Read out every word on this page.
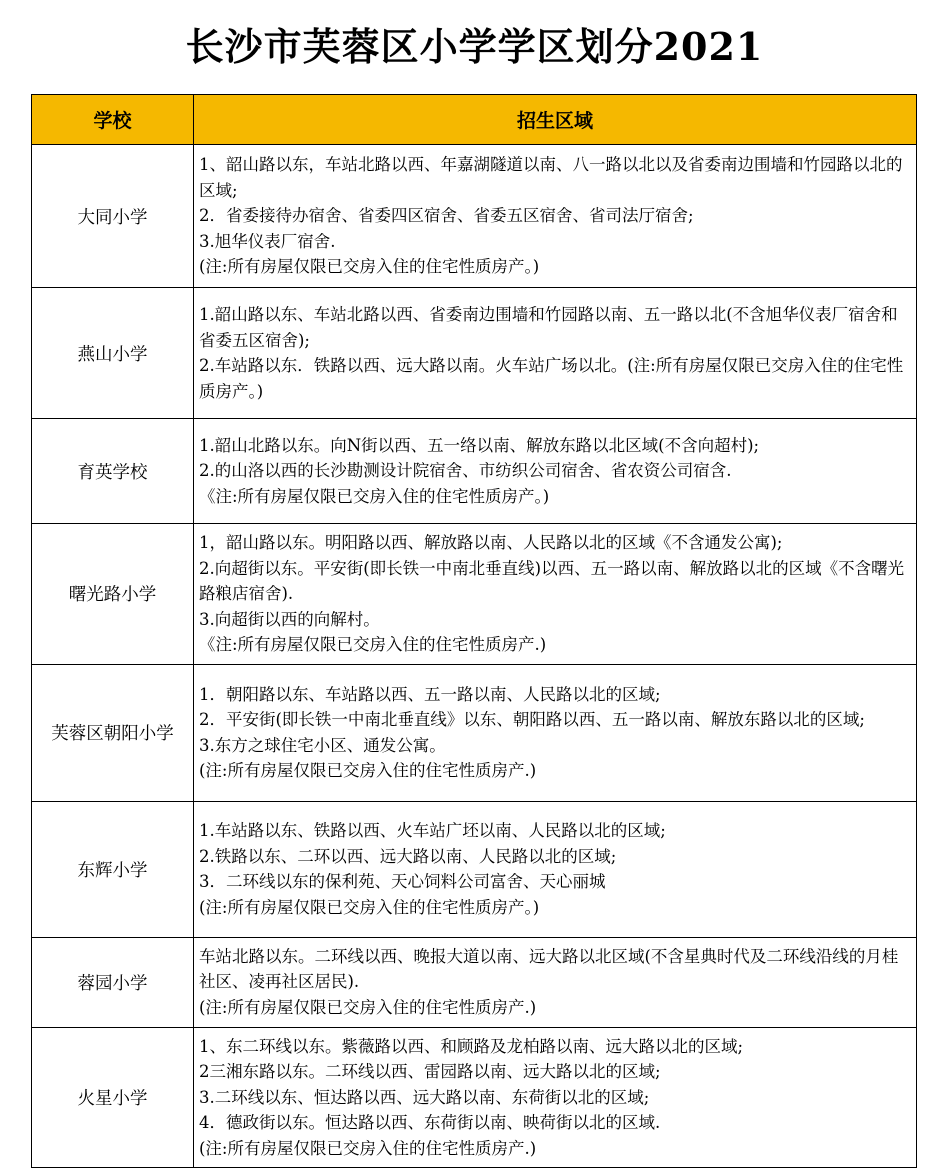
长沙市芙蓉区小学学区划分2021
学校	招生区域
大同小学	1、韶山路以东，车站北路以西、年嘉湖隧道以南、八一路以北以及省委南边围墙和竹园路以北的区域;
2．省委接待办宿舍、省委四区宿舍、省委五区宿舍、省司法厅宿舍;
3.旭华仪表厂宿舍.
(注:所有房屋仅限已交房入住的住宅性质房产。)

燕山小学	1.韶山路以东、车站北路以西、省委南边围墙和竹园路以南、五一路以北(不含旭华仪表厂宿舍和省委五区宿舍);
2.车站路以东．铁路以西、远大路以南。火车站广场以北。(注:所有房屋仅限已交房入住的住宅性质房产。)

育英学校	1.韶山北路以东。向N街以西、五一络以南、解放东路以北区域(不含向超村);
2.的山洛以西的长沙勘测设计院宿舍、市纺织公司宿舍、省农资公司宿含.
《注:所有房屋仅限已交房入住的住宅性质房产。)

曙光路小学	1，韶山路以东。明阳路以西、解放路以南、人民路以北的区域《不含通发公寓);
2.向超街以东。平安街(即长铁一中南北垂直线)以西、五一路以南、解放路以北的区域《不含曙光路粮店宿舍).
3.向超街以西的向解村。
《注:所有房屋仅限已交房入住的住宅性质房产.)

芙蓉区朝阳小学	1．朝阳路以东、车站路以西、五一路以南、人民路以北的区域;
2．平安街(即长铁一中南北垂直线》以东、朝阳路以西、五一路以南、解放东路以北的区域;
3.东方之球住宅小区、通发公寓。
(注:所有房屋仅限已交房入住的住宅性质房产.)

东辉小学	1.车站路以东、铁路以西、火车站广坯以南、人民路以北的区域;
2.铁路以东、二环以西、远大路以南、人民路以北的区域;
3．二环线以东的保利苑、天心饲料公司富舍、天心丽城
(注:所有房屋仅限已交房入住的住宅性质房产。)

蓉园小学	车站北路以东。二环线以西、晚报大道以南、远大路以北区域(不含星典时代及二环线沿线的月桂社区、凌再社区居民).
(注:所有房屋仅限已交房入住的住宅性质房产.)

火星小学	1、东二环线以东。紫薇路以西、和顾路及龙柏路以南、远大路以北的区域;
2三湘东路以东。二环线以西、雷园路以南、远大路以北的区域;
3.二环线以东、恒达路以西、远大路以南、东荷街以北的区域;
4．德政街以东。恒达路以西、东荷街以南、映荷街以北的区域.
(注:所有房屋仅限已交房入住的住宅性质房产.)
